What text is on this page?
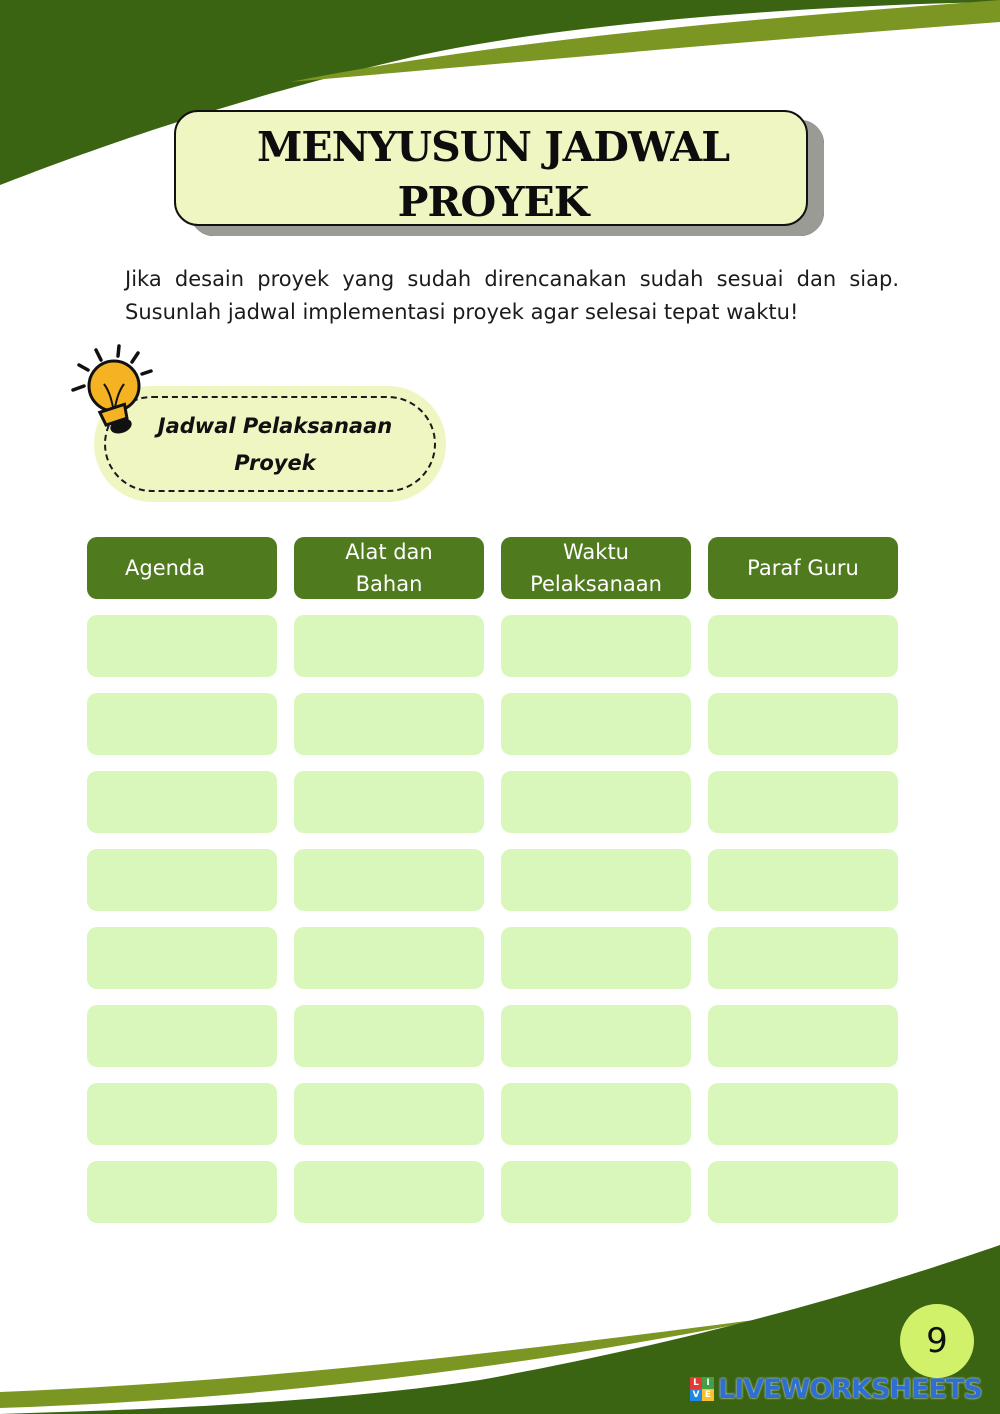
MENYUSUN JADWAL
PROYEK
Jika desain proyek yang sudah direncanakan sudah sesuai dan siap.
Susunlah jadwal implementasi proyek agar selesai tepat waktu!
Jadwal Pelaksanaan
Proyek
Agenda
Alat dan
Bahan
Waktu
Pelaksanaan
Paraf Guru
9
L I
V E LIVEWORKSHEETS
